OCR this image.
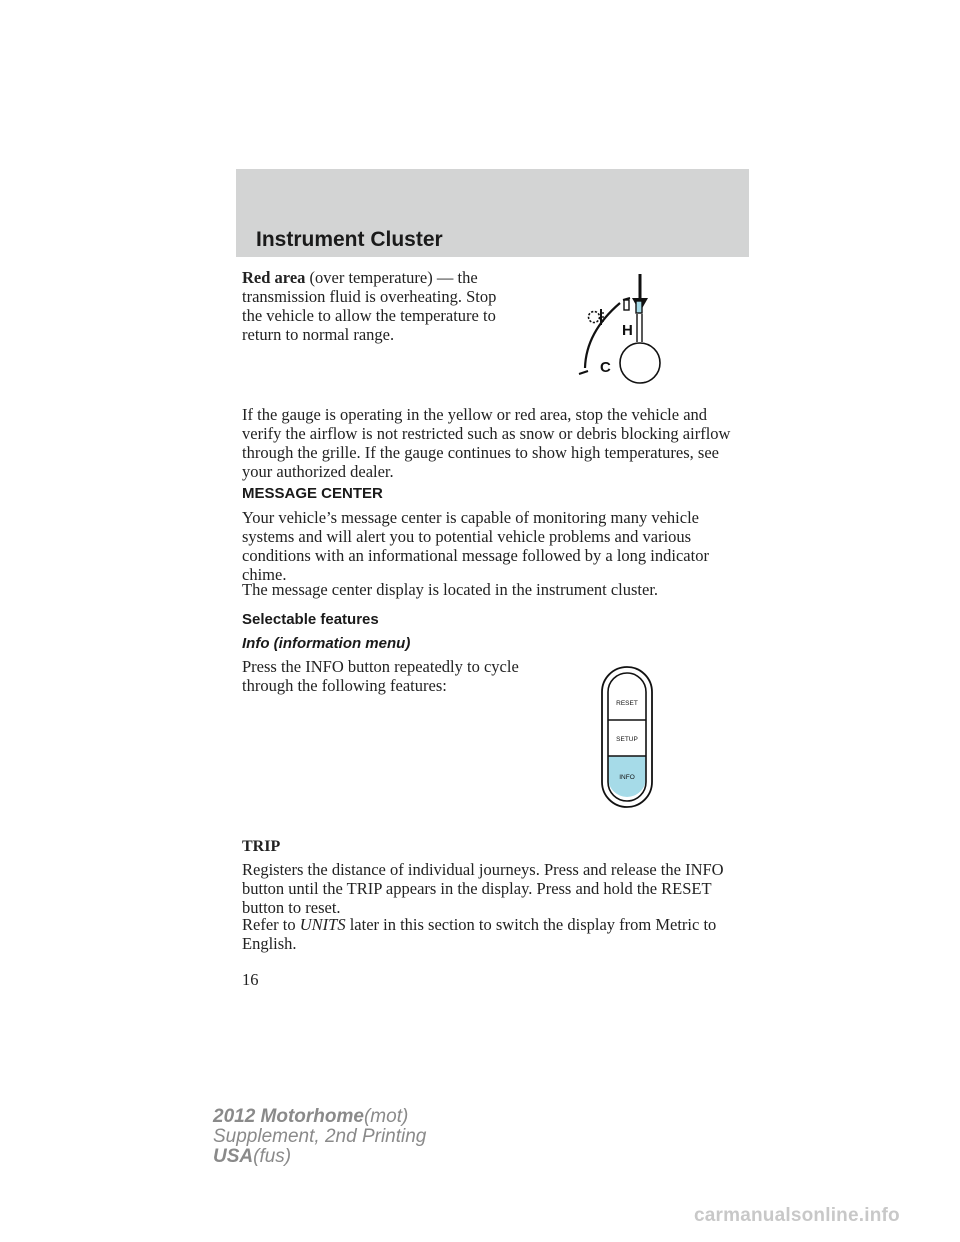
Instrument Cluster

Red area (over temperature) — the transmission fluid is overheating. Stop the vehicle to allow the temperature to return to normal range.	H
C

If the gauge is operating in the yellow or red area, stop the vehicle and verify the airflow is not restricted such as snow or debris blocking airflow through the grille. If the gauge continues to show high temperatures, see your authorized dealer.

MESSAGE CENTER

Your vehicle’s message center is capable of monitoring many vehicle systems and will alert you to potential vehicle problems and various conditions with an informational message followed by a long indicator chime.

The message center display is located in the instrument cluster.

Selectable features
Info (information menu)

Press the INFO button repeatedly to cycle through the following features:

RESET
SETUP
INFO
TRIP

Registers the distance of individual journeys. Press and release the INFO button until the TRIP appears in the display. Press and hold the RESET button to reset.

Refer to UNITS later in this section to switch the display from Metric to English.

16

2012 Motorhome(mot)
Supplement, 2nd Printing
USA(fus)
carmanualsonline.info
